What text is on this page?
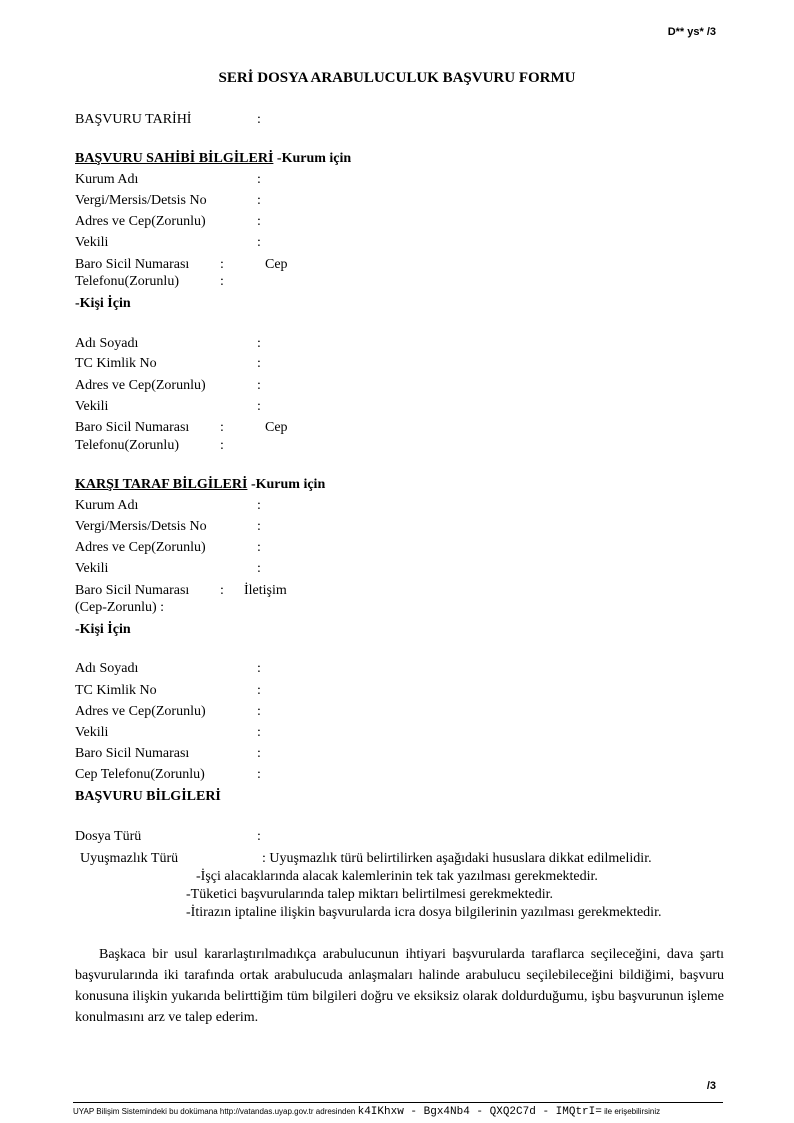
D** ys* /3
SERİ DOSYA ARABULUCULUK BAŞVURU FORMU
BAŞVURU TARİHİ	:
BAŞVURU SAHİBİ BİLGİLERİ -Kurum için
Kurum Adı	:
Vergi/Mersis/Detsis No	:
Adres ve Cep(Zorunlu)	:
Vekili	:
Baro Sicil Numarası :	Cep
Telefonu(Zorunlu)	:
-Kişi İçin
Adı Soyadı	:
TC Kimlik No	:
Adres ve Cep(Zorunlu)	:
Vekili	:
Baro Sicil Numarası :	Cep
Telefonu(Zorunlu)	:
KARŞI TARAF BİLGİLERİ -Kurum için
Kurum Adı	:
Vergi/Mersis/Detsis No	:
Adres ve Cep(Zorunlu)	:
Vekili	:
Baro Sicil Numarası : İletişim
(Cep-Zorunlu) :
-Kişi İçin
Adı Soyadı	:
TC Kimlik No	:
Adres ve Cep(Zorunlu)	:
Vekili	:
Baro Sicil Numarası	:
Cep Telefonu(Zorunlu)	:
BAŞVURU BİLGİLERİ
Dosya Türü	:
Uyuşmazlık Türü	: Uyuşmazlık türü belirtilirken aşağıdaki hususlara dikkat edilmelidir.
-İşçi alacaklarında alacak kalemlerinin tek tak yazılması gerekmektedir.
-Tüketici başvurularında talep miktarı belirtilmesi gerekmektedir.
-İtirazın iptaline ilişkin başvurularda icra dosya bilgilerinin yazılması gerekmektedir.
Başkaca bir usul kararlaştırılmadıkça arabulucunun ihtiyari başvurularda taraflarca seçileceğini, dava şartı başvurularında iki tarafında ortak arabulucuda anlaşmaları halinde arabulucu seçilebileceğini bildiğimi, başvuru konusuna ilişkin yukarıda belirttiğim tüm bilgileri doğru ve eksiksiz olarak doldurduğumu, işbu başvurunun işleme konulmasını arz ve talep ederim.
/3
UYAP Bilişim Sistemindeki bu dokümana http://vatandas.uyap.gov.tr adresinden k4IKhxw - Bgx4Nb4 - QXQ2C7d - IMQtrI= ile erişebilirsiniz
